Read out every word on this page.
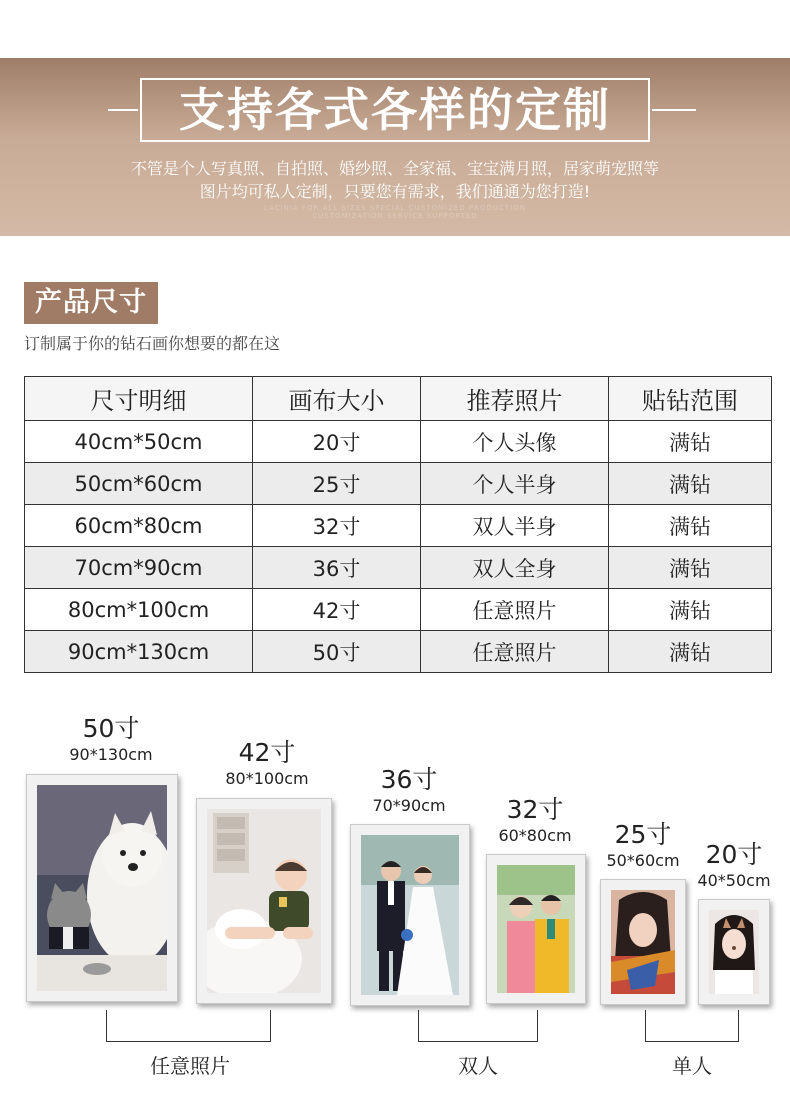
支持各式各样的定制
不管是个人写真照、自拍照、婚纱照、全家福、宝宝满月照，居家萌宠照等
图片均可私人定制，只要您有需求，我们通通为您打造!
LACINIA FOR ALL SIZES SPECIAL CUSTOMIZED PRODUCTION
CUSTOMIZATION SERVICE SUPPORTED
产品尺寸
订制属于你的钻石画你想要的都在这
尺寸明细	画布大小	推荐照片	贴钻范围
40cm*50cm	20寸	个人头像	满钻
50cm*60cm	25寸	个人半身	满钻
60cm*80cm	32寸	双人半身	满钻
70cm*90cm	36寸	双人全身	满钻
80cm*100cm	42寸	任意照片	满钻
90cm*130cm	50寸	任意照片	满钻
50寸
90*130cm	42寸
80*100cm	36寸
70*90cm	32寸
60*80cm	25寸
50*60cm	20寸
40*50cm
任意照片	双人	单人
